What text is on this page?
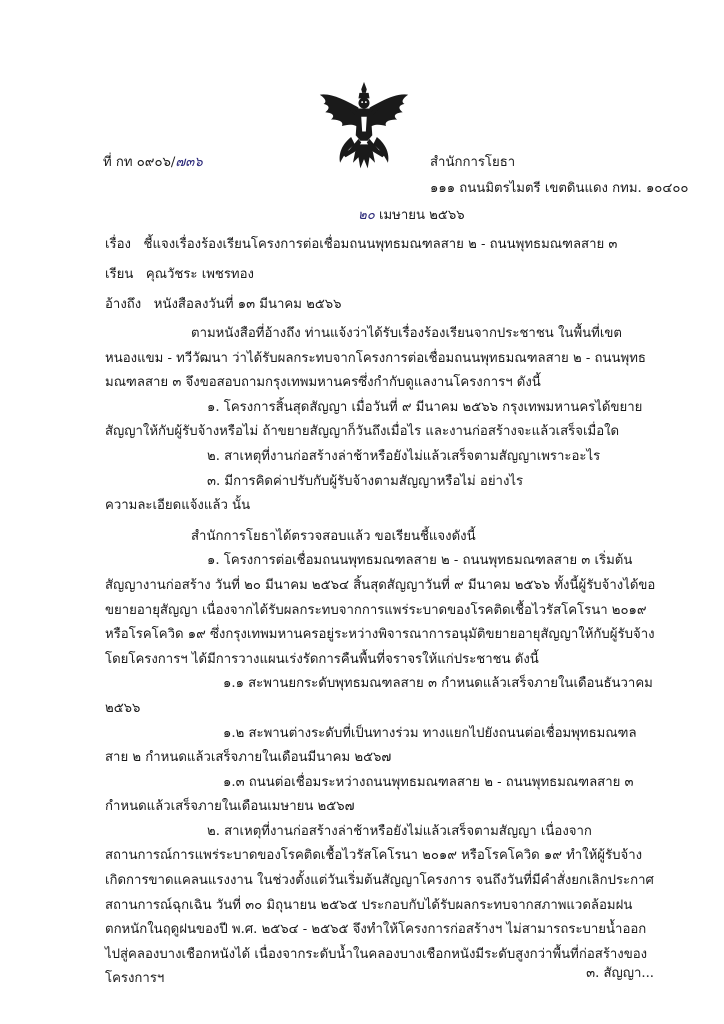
ที่ กท ๐๙๐๖/๗๓๖	สำนักการโยธา
๑๑๑ ถนนมิตรไมตรี เขตดินแดง กทม. ๑๐๔๐๐
๒๐ เมษายน ๒๕๖๖
เรื่อง ชี้แจงเรื่องร้องเรียนโครงการต่อเชื่อมถนนพุทธมณฑลสาย ๒ - ถนนพุทธมณฑลสาย ๓
เรียน คุณวัชระ เพชรทอง
อ้างถึง หนังสือลงวันที่ ๑๓ มีนาคม ๒๕๖๖

ตามหนังสือที่อ้างถึง ท่านแจ้งว่าได้รับเรื่องร้องเรียนจากประชาชน ในพื้นที่เขตหนองแขม - ทวีวัฒนา ว่าได้รับผลกระทบจากโครงการต่อเชื่อมถนนพุทธมณฑลสาย ๒ - ถนนพุทธมณฑลสาย ๓ จึงขอสอบถามกรุงเทพมหานครซึ่งกำกับดูแลงานโครงการฯ ดังนี้

๑. โครงการสิ้นสุดสัญญา เมื่อวันที่ ๙ มีนาคม ๒๕๖๖ กรุงเทพมหานครได้ขยายสัญญาให้กับผู้รับจ้างหรือไม่ ถ้าขยายสัญญาก็วันถึงเมื่อไร และงานก่อสร้างจะแล้วเสร็จเมื่อใด

๒. สาเหตุที่งานก่อสร้างล่าช้าหรือยังไม่แล้วเสร็จตามสัญญาเพราะอะไร

๓. มีการคิดค่าปรับกับผู้รับจ้างตามสัญญาหรือไม่ อย่างไร

ความละเอียดแจ้งแล้ว นั้น

สำนักการโยธาได้ตรวจสอบแล้ว ขอเรียนชี้แจงดังนี้

๑. โครงการต่อเชื่อมถนนพุทธมณฑลสาย ๒ - ถนนพุทธมณฑลสาย ๓ เริ่มต้นสัญญางานก่อสร้าง วันที่ ๒๐ มีนาคม ๒๕๖๔ สิ้นสุดสัญญาวันที่ ๙ มีนาคม ๒๕๖๖ ทั้งนี้ผู้รับจ้างได้ขอขยายอายุสัญญา เนื่องจากได้รับผลกระทบจากการแพร่ระบาดของโรคติดเชื้อไวรัสโคโรนา ๒๐๑๙ หรือโรคโควิด ๑๙ ซึ่งกรุงเทพมหานครอยู่ระหว่างพิจารณาการอนุมัติขยายอายุสัญญาให้กับผู้รับจ้าง โดยโครงการฯ ได้มีการวางแผนเร่งรัดการคืนพื้นที่จราจรให้แก่ประชาชน ดังนี้

๑.๑ สะพานยกระดับพุทธมณฑลสาย ๓ กำหนดแล้วเสร็จภายในเดือนธันวาคม ๒๕๖๖

๑.๒ สะพานต่างระดับที่เป็นทางร่วม ทางแยกไปยังถนนต่อเชื่อมพุทธมณฑลสาย ๒ กำหนดแล้วเสร็จภายในเดือนมีนาคม ๒๕๖๗

๑.๓ ถนนต่อเชื่อมระหว่างถนนพุทธมณฑลสาย ๒ - ถนนพุทธมณฑลสาย ๓ กำหนดแล้วเสร็จภายในเดือนเมษายน ๒๕๖๗

๒. สาเหตุที่งานก่อสร้างล่าช้าหรือยังไม่แล้วเสร็จตามสัญญา เนื่องจากสถานการณ์การแพร่ระบาดของโรคติดเชื้อไวรัสโคโรนา ๒๐๑๙ หรือโรคโควิด ๑๙ ทำให้ผู้รับจ้างเกิดการขาดแคลนแรงงาน ในช่วงตั้งแต่วันเริ่มต้นสัญญาโครงการ จนถึงวันที่มีคำสั่งยกเลิกประกาศสถานการณ์ฉุกเฉิน วันที่ ๓๐ มิถุนายน ๒๕๖๕ ประกอบกับได้รับผลกระทบจากสภาพแวดล้อมฝนตกหนักในฤดูฝนของปี พ.ศ. ๒๕๖๔ - ๒๕๖๕ จึงทำให้โครงการก่อสร้างฯ ไม่สามารถระบายน้ำออกไปสู่คลองบางเชือกหนังได้ เนื่องจากระดับน้ำในคลองบางเชือกหนังมีระดับสูงกว่าพื้นที่ก่อสร้างของโครงการฯ	๓. สัญญา...
